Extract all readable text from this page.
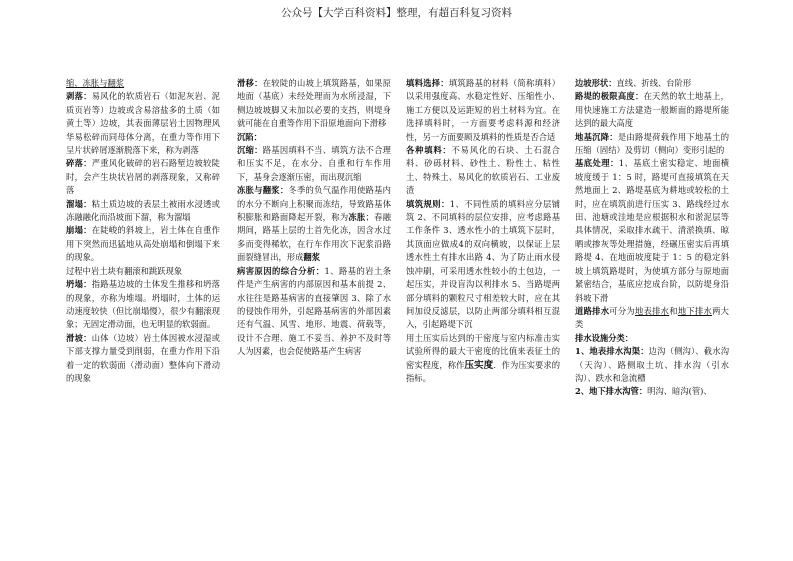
公众号【大学百科资料】整理，有超百科复习资料

缩、冻胀与翻浆

剥落：易风化的软质岩石（如泥灰岩、泥质页岩等）边坡或含易溶盐多的土质（如黄土等）边坡，其表面薄层岩土因物理风华易松碎而同母体分离，在重力等作用下呈片状碎屑逐渐脱落下来，称为剥落

碎落：严重风化破碎的岩石路堑边坡较陡时，会产生块状岩屑的剥落现象，又称碎落

溜塌：粘土质边坡的表层土被雨水浸透或冻融融化而沿坡面下溜，称为溜塌

崩塌：在陡峻的斜坡上，岩土体在自重作用下突然而迅猛地从高处崩塌和倒塌下来的现象。

过程中岩土块有翻滚和跳跃现象

坍塌：指路基边坡的土体发生推移和坍落的现象，亦称为堆塌。坍塌时，土体的运动速度较快（但比崩塌慢），很少有翻滚现象；无固定滑动面，也无明显的软弱面。

滑坡：山体（边坡）岩土体因被水浸湿或下部支撑力量受到削弱，在重力作用下沿着一定的软弱面（滑动面）整体向下滑动的现象

滑移：在较陡的山坡上填筑路基，如果原地面（基底）未经处理而为水所浸湿，下侧边坡坡脚又未加以必要的支挡，则堤身就可能在自重等作用下沿原地面向下滑移

沉陷：

沉缩：路基因填料不当、填筑方法不合理和压实不足，在水分、自重和行车作用下，基身会逐渐压密，而出现沉缩

冻胀与翻浆：冬季的负气温作用使路基内的水分不断向上积聚而冻结，导致路基体积膨胀和路面降起开裂，称为冻胀；春融期间，路基上层的土首先化冻，因含水过多而变得稀软，在行车作用次下泥浆沿路面裂缝冒出，形成翻浆

病害原因的综合分析：1、路基的岩土条件是产生病害的内部原因和基本前提 2、水往往是路基病害的直接肇因 3、除了水的侵蚀作用外，引起路基病害的外部因素还有气温、风雪、地形、地震、荷载等，设计不合理、施工不妥当、养护不及时等人为因素，也会促使路基产生病害

填料选择：填筑路基的材料（简称填料）以采用强度高、水稳定性好、压缩性小、施工方便以及运距短的岩土材料为宜。在选择填料时，一方面要考虑料源和经济性，另一方面要顾及填料的性质是否合适

各种填料：不易风化的石块、土石混合料、砂砾材料、砂性土、粉性土、粘性土、特殊土、易风化的软质岩石、工业废渣

填筑规则：1、不同性质的填料应分层铺筑 2、不同填料的层位安排，应考虑路基工作条件 3、透水性小的土填筑下层时，其顶面应做成4的双向横坡，以保证上层透水性土有排水出路 4、为了防止雨水侵蚀冲刷，可采用透水性较小的土包边，一起压实，并设盲沟以利排水 5、当路堤两部分填料的颗粒尺寸相差较大时，应在其间加设反滤层，以防止两部分填料相互混入，引起路堤下沉

用土压实后达到的干密度与室内标准击实试验所得的最大干密度的比值来表征土的密实程度，称作压实度．作为压实要求的指标。

边坡形状：直线、折线、台阶形

路堤的极限高度：在天然的软土地基上，用快速施工方法建造一般断面的路堤所能达到的最大高度

地基沉降：是由路堤荷载作用下地基土的压缩（固结）及剪切（侧向）变形引起的

基底处理：1、基底土密实稳定、地面横坡度缓于 1：5 时，路堤可直接填筑在天然地面上 2、路堤基底为耕地或较松的土时，应在填筑前进行压实 3、路线经过水田、池塘或洼地是应根据积水和淤泥层等具体情况，采取排水疏干、清淤换填、晾晒或掺灰等处理措施，经碾压密实后再填路堤 4、在地面坡度陡于 1：5 的稳定斜坡上填筑路堤时，为使填方部分与原地面紧密结合，基底应挖成台阶，以防堤身沿斜坡下滑

道路排水可分为地表排水和地下排水两大类

排水设施分类：

1、地表排水沟渠：边沟（侧沟）、截水沟（天沟）、路侧取土坑、排水沟（引水沟）、跌水和急流槽

2、地下排水沟管：明沟、暗沟(管)、
